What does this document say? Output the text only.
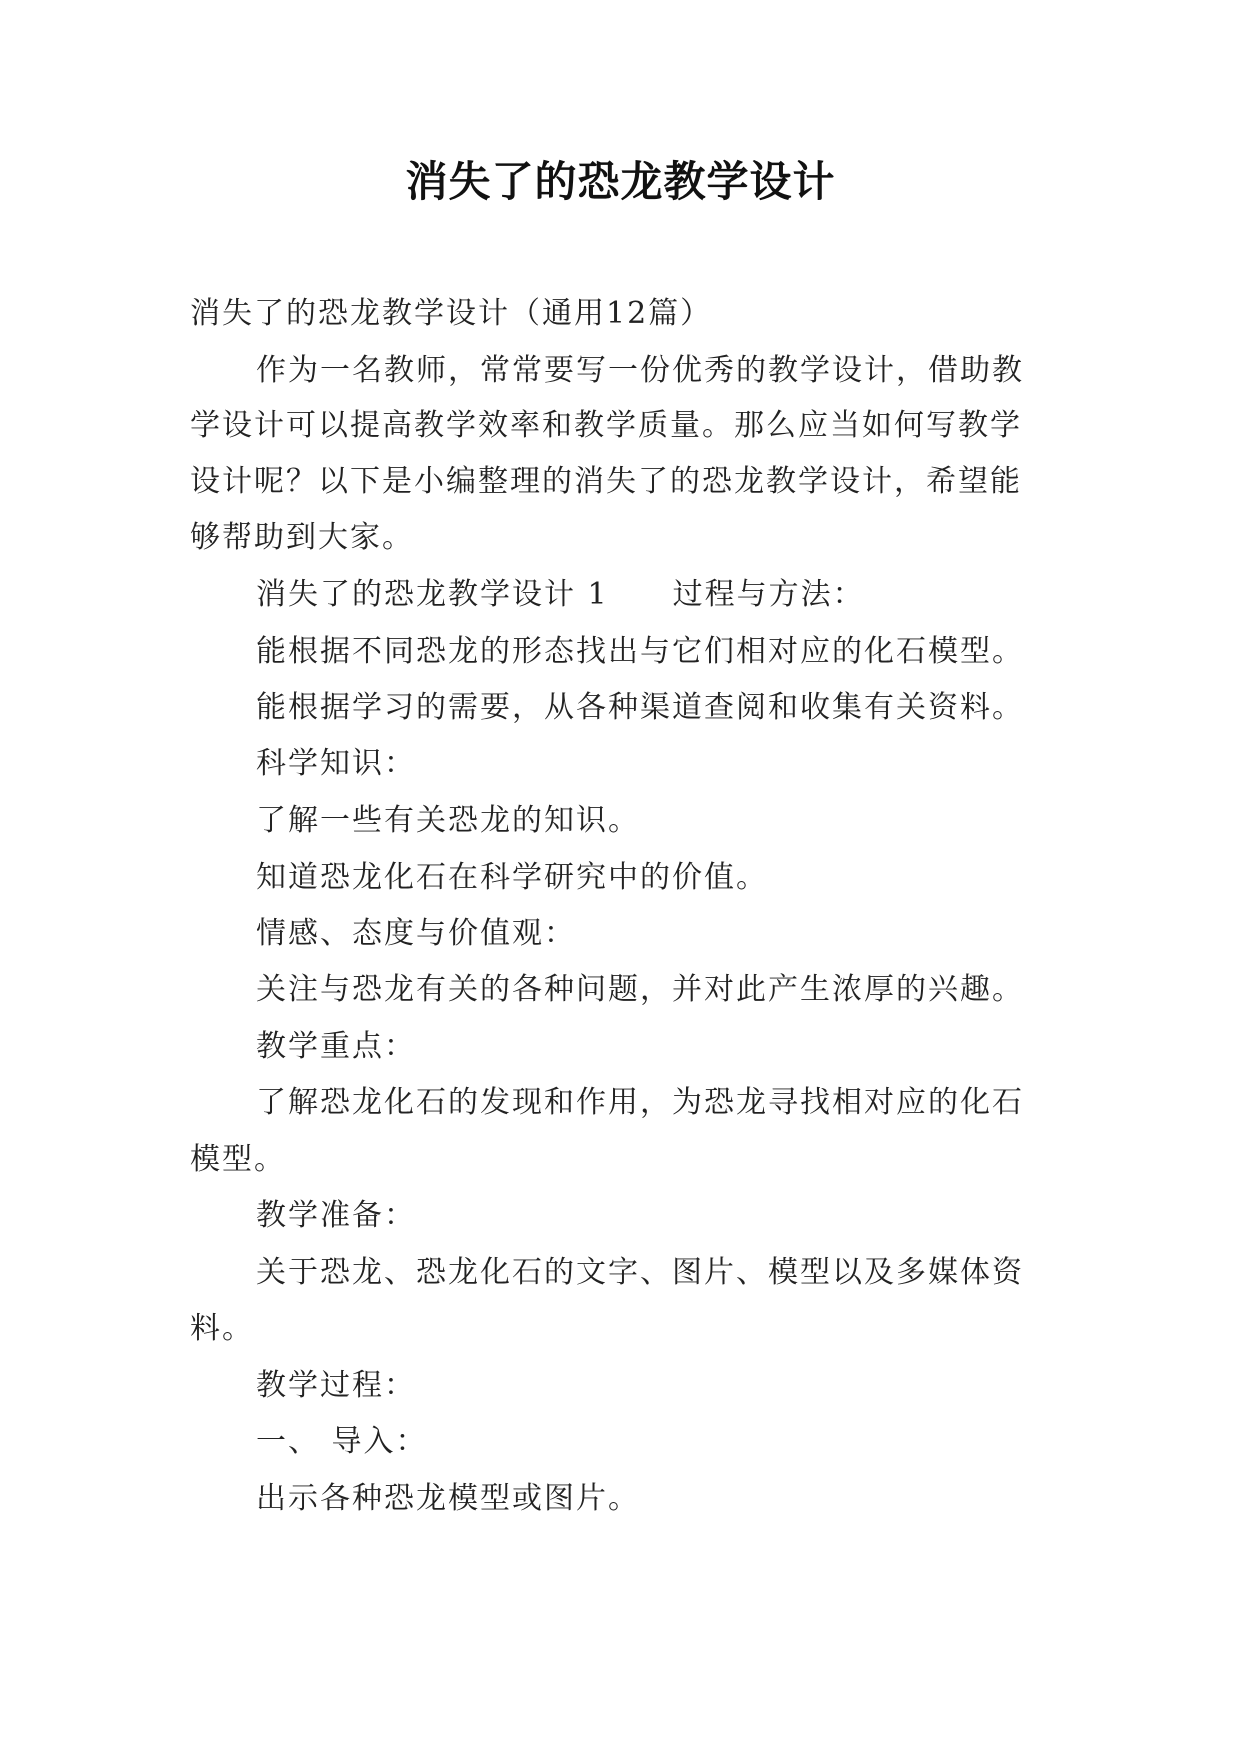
消失了的恐龙教学设计
消失了的恐龙教学设计（通用12篇）
作为一名教师，常常要写一份优秀的教学设计，借助教
学设计可以提高教学效率和教学质量。那么应当如何写教学
设计呢？以下是小编整理的消失了的恐龙教学设计，希望能
够帮助到大家。
消失了的恐龙教学设计 1　　过程与方法：
能根据不同恐龙的形态找出与它们相对应的化石模型。
能根据学习的需要，从各种渠道查阅和收集有关资料。
科学知识：
了解一些有关恐龙的知识。
知道恐龙化石在科学研究中的价值。
情感、态度与价值观：
关注与恐龙有关的各种问题，并对此产生浓厚的兴趣。
教学重点：
了解恐龙化石的发现和作用，为恐龙寻找相对应的化石
模型。
教学准备：
关于恐龙、恐龙化石的文字、图片、模型以及多媒体资
料。
教学过程：
一、 导入：
出示各种恐龙模型或图片。
